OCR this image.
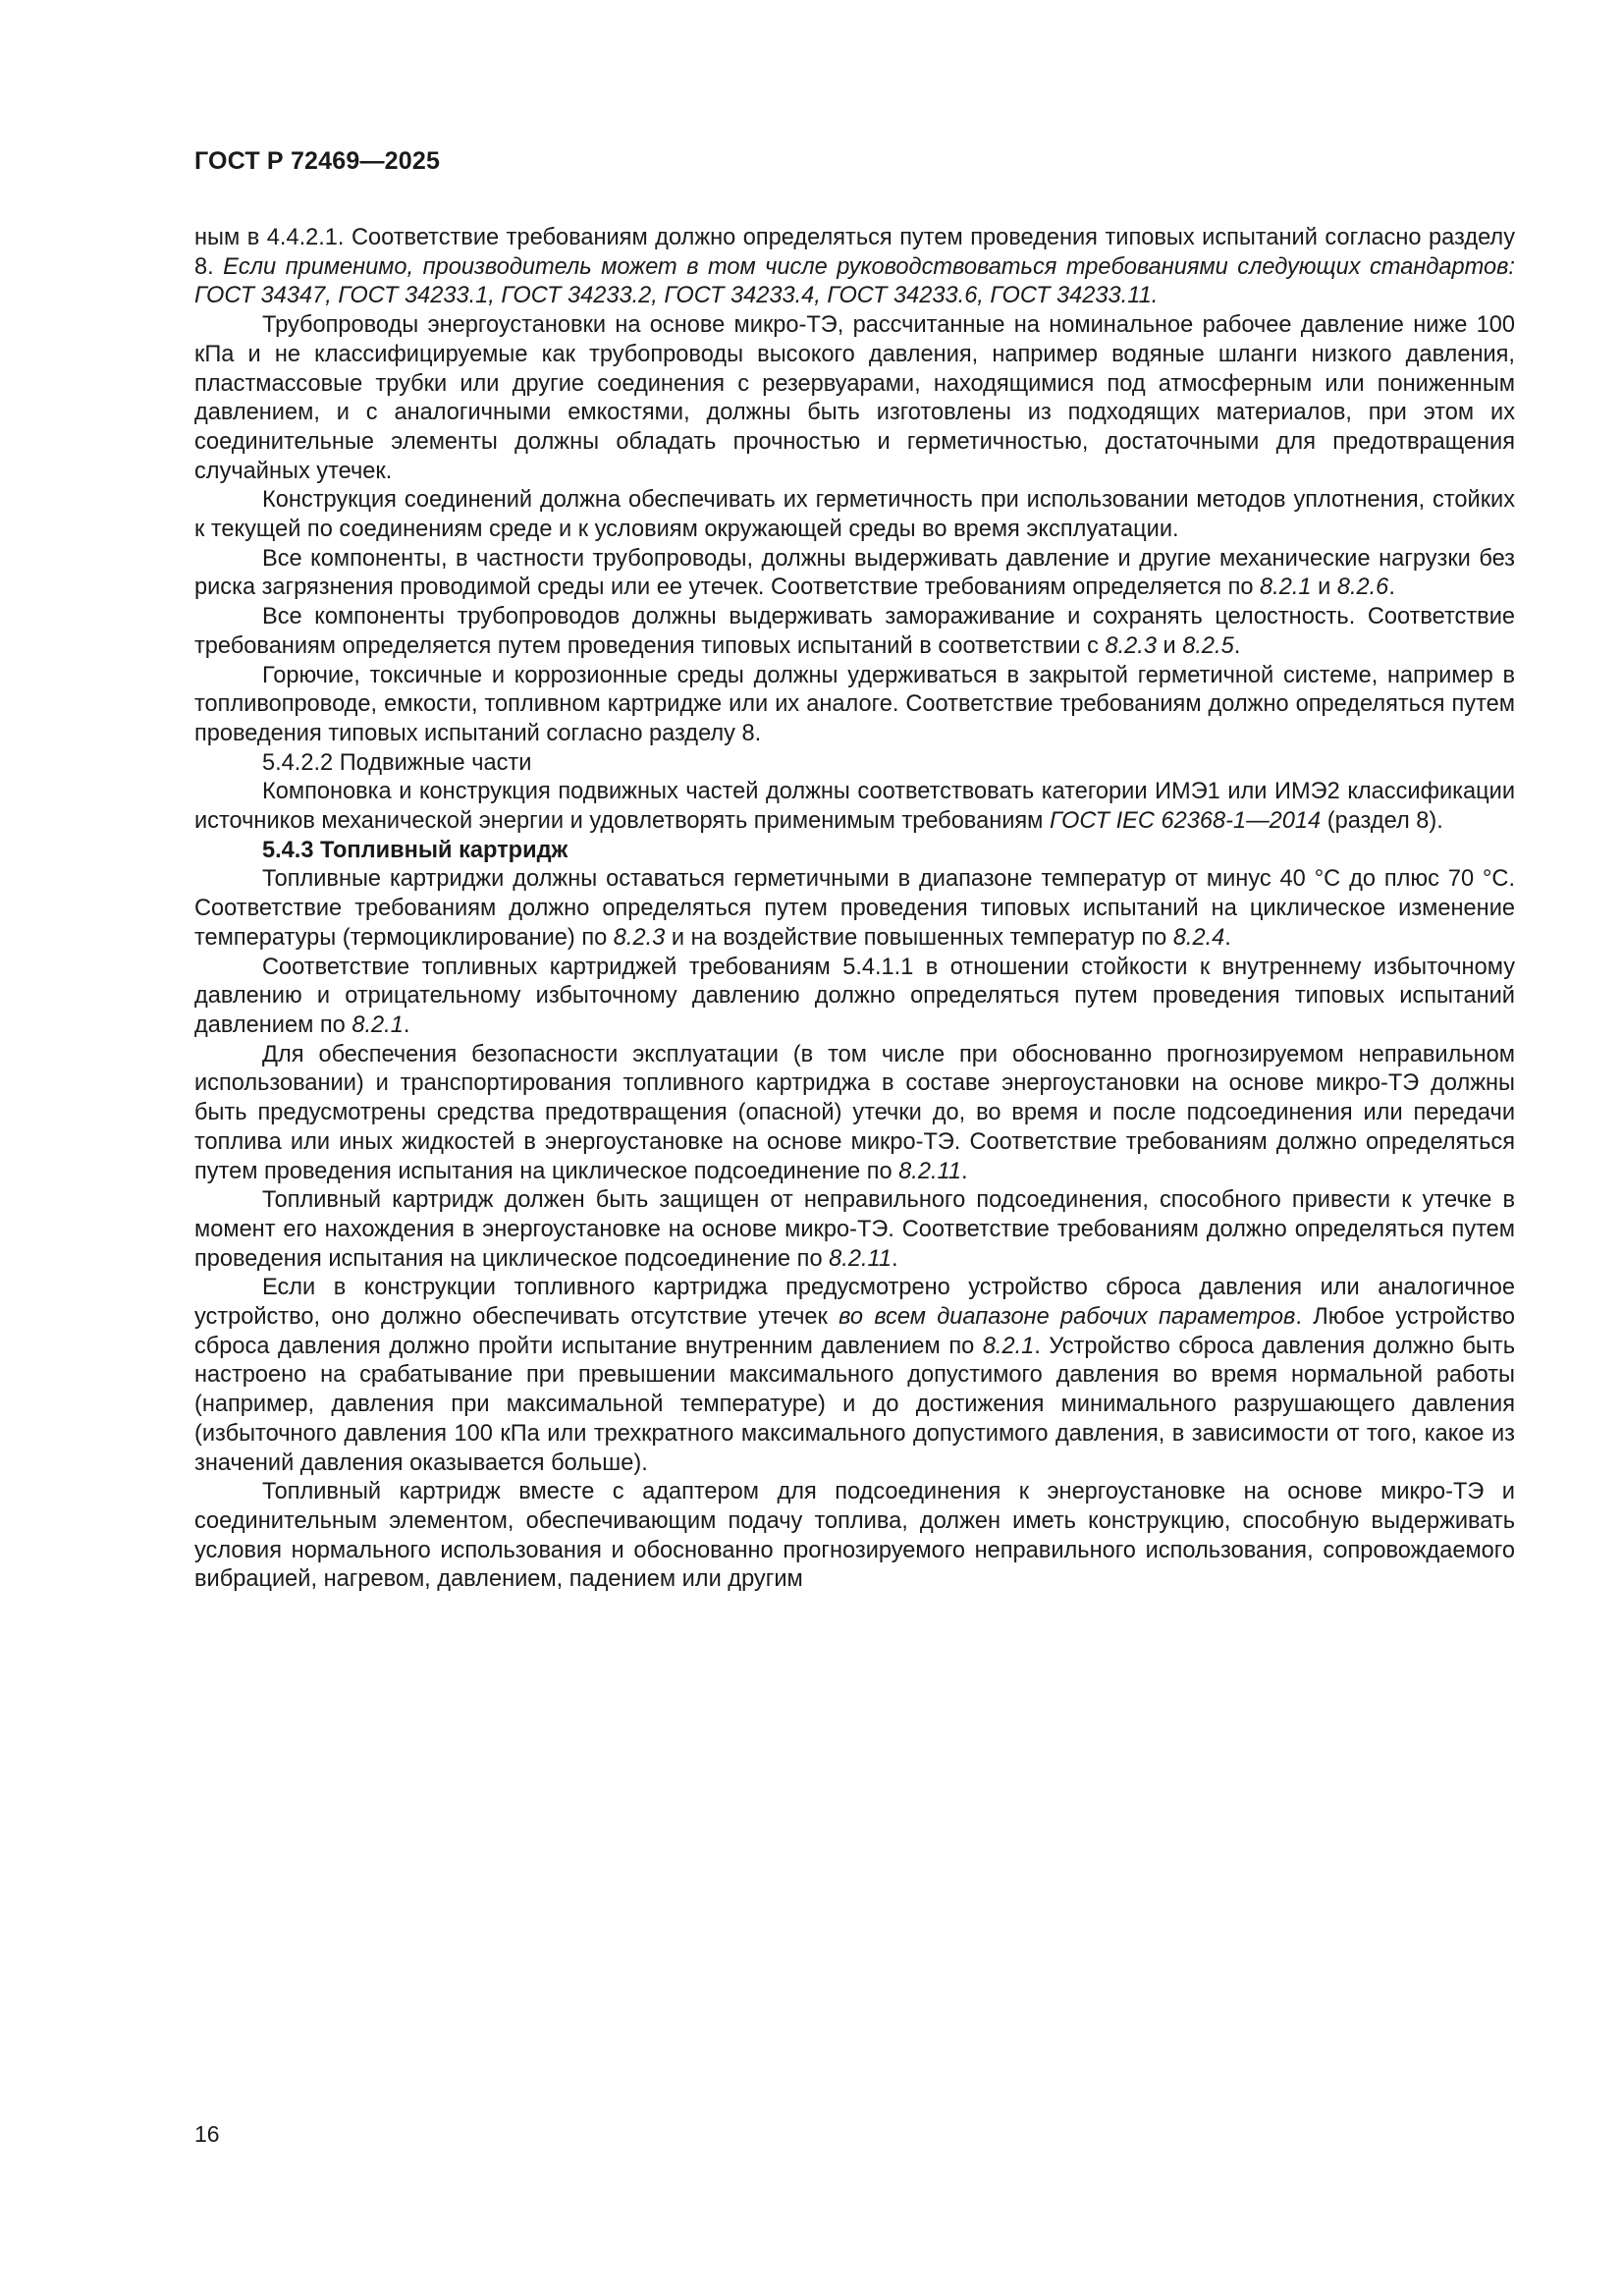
ГОСТ Р 72469—2025

ным в 4.4.2.1. Соответствие требованиям должно определяться путем проведения типовых испытаний согласно разделу 8. Если применимо, производитель может в том числе руководствоваться требованиями следующих стандартов: ГОСТ 34347, ГОСТ 34233.1, ГОСТ 34233.2, ГОСТ 34233.4, ГОСТ 34233.6, ГОСТ 34233.11.

Трубопроводы энергоустановки на основе микро-ТЭ, рассчитанные на номинальное рабочее давление ниже 100 кПа и не классифицируемые как трубопроводы высокого давления, например водяные шланги низкого давления, пластмассовые трубки или другие соединения с резервуарами, находящимися под атмосферным или пониженным давлением, и с аналогичными емкостями, должны быть изготовлены из подходящих материалов, при этом их соединительные элементы должны обладать прочностью и герметичностью, достаточными для предотвращения случайных утечек.

Конструкция соединений должна обеспечивать их герметичность при использовании методов уплотнения, стойких к текущей по соединениям среде и к условиям окружающей среды во время эксплуатации.

Все компоненты, в частности трубопроводы, должны выдерживать давление и другие механические нагрузки без риска загрязнения проводимой среды или ее утечек. Соответствие требованиям определяется по 8.2.1 и 8.2.6.

Все компоненты трубопроводов должны выдерживать замораживание и сохранять целостность. Соответствие требованиям определяется путем проведения типовых испытаний в соответствии с 8.2.3 и 8.2.5.

Горючие, токсичные и коррозионные среды должны удерживаться в закрытой герметичной системе, например в топливопроводе, емкости, топливном картридже или их аналоге. Соответствие требованиям должно определяться путем проведения типовых испытаний согласно разделу 8.

5.4.2.2 Подвижные части

Компоновка и конструкция подвижных частей должны соответствовать категории ИМЭ1 или ИМЭ2 классификации источников механической энергии и удовлетворять применимым требованиям ГОСТ IEC 62368-1—2014 (раздел 8).

5.4.3 Топливный картридж

Топливные картриджи должны оставаться герметичными в диапазоне температур от минус 40 °С до плюс 70 °С. Соответствие требованиям должно определяться путем проведения типовых испытаний на циклическое изменение температуры (термоциклирование) по 8.2.3 и на воздействие повышенных температур по 8.2.4.

Соответствие топливных картриджей требованиям 5.4.1.1 в отношении стойкости к внутреннему избыточному давлению и отрицательному избыточному давлению должно определяться путем проведения типовых испытаний давлением по 8.2.1.

Для обеспечения безопасности эксплуатации (в том числе при обоснованно прогнозируемом неправильном использовании) и транспортирования топливного картриджа в составе энергоустановки на основе микро-ТЭ должны быть предусмотрены средства предотвращения (опасной) утечки до, во время и после подсоединения или передачи топлива или иных жидкостей в энергоустановке на основе микро-ТЭ. Соответствие требованиям должно определяться путем проведения испытания на циклическое подсоединение по 8.2.11.

Топливный картридж должен быть защищен от неправильного подсоединения, способного привести к утечке в момент его нахождения в энергоустановке на основе микро-ТЭ. Соответствие требованиям должно определяться путем проведения испытания на циклическое подсоединение по 8.2.11.

Если в конструкции топливного картриджа предусмотрено устройство сброса давления или аналогичное устройство, оно должно обеспечивать отсутствие утечек во всем диапазоне рабочих параметров. Любое устройство сброса давления должно пройти испытание внутренним давлением по 8.2.1. Устройство сброса давления должно быть настроено на срабатывание при превышении максимального допустимого давления во время нормальной работы (например, давления при максимальной температуре) и до достижения минимального разрушающего давления (избыточного давления 100 кПа или трехкратного максимального допустимого давления, в зависимости от того, какое из значений давления оказывается больше).

Топливный картридж вместе с адаптером для подсоединения к энергоустановке на основе микро-ТЭ и соединительным элементом, обеспечивающим подачу топлива, должен иметь конструкцию, способную выдерживать условия нормального использования и обоснованно прогнозируемого неправильного использования, сопровождаемого вибрацией, нагревом, давлением, падением или другим

16
